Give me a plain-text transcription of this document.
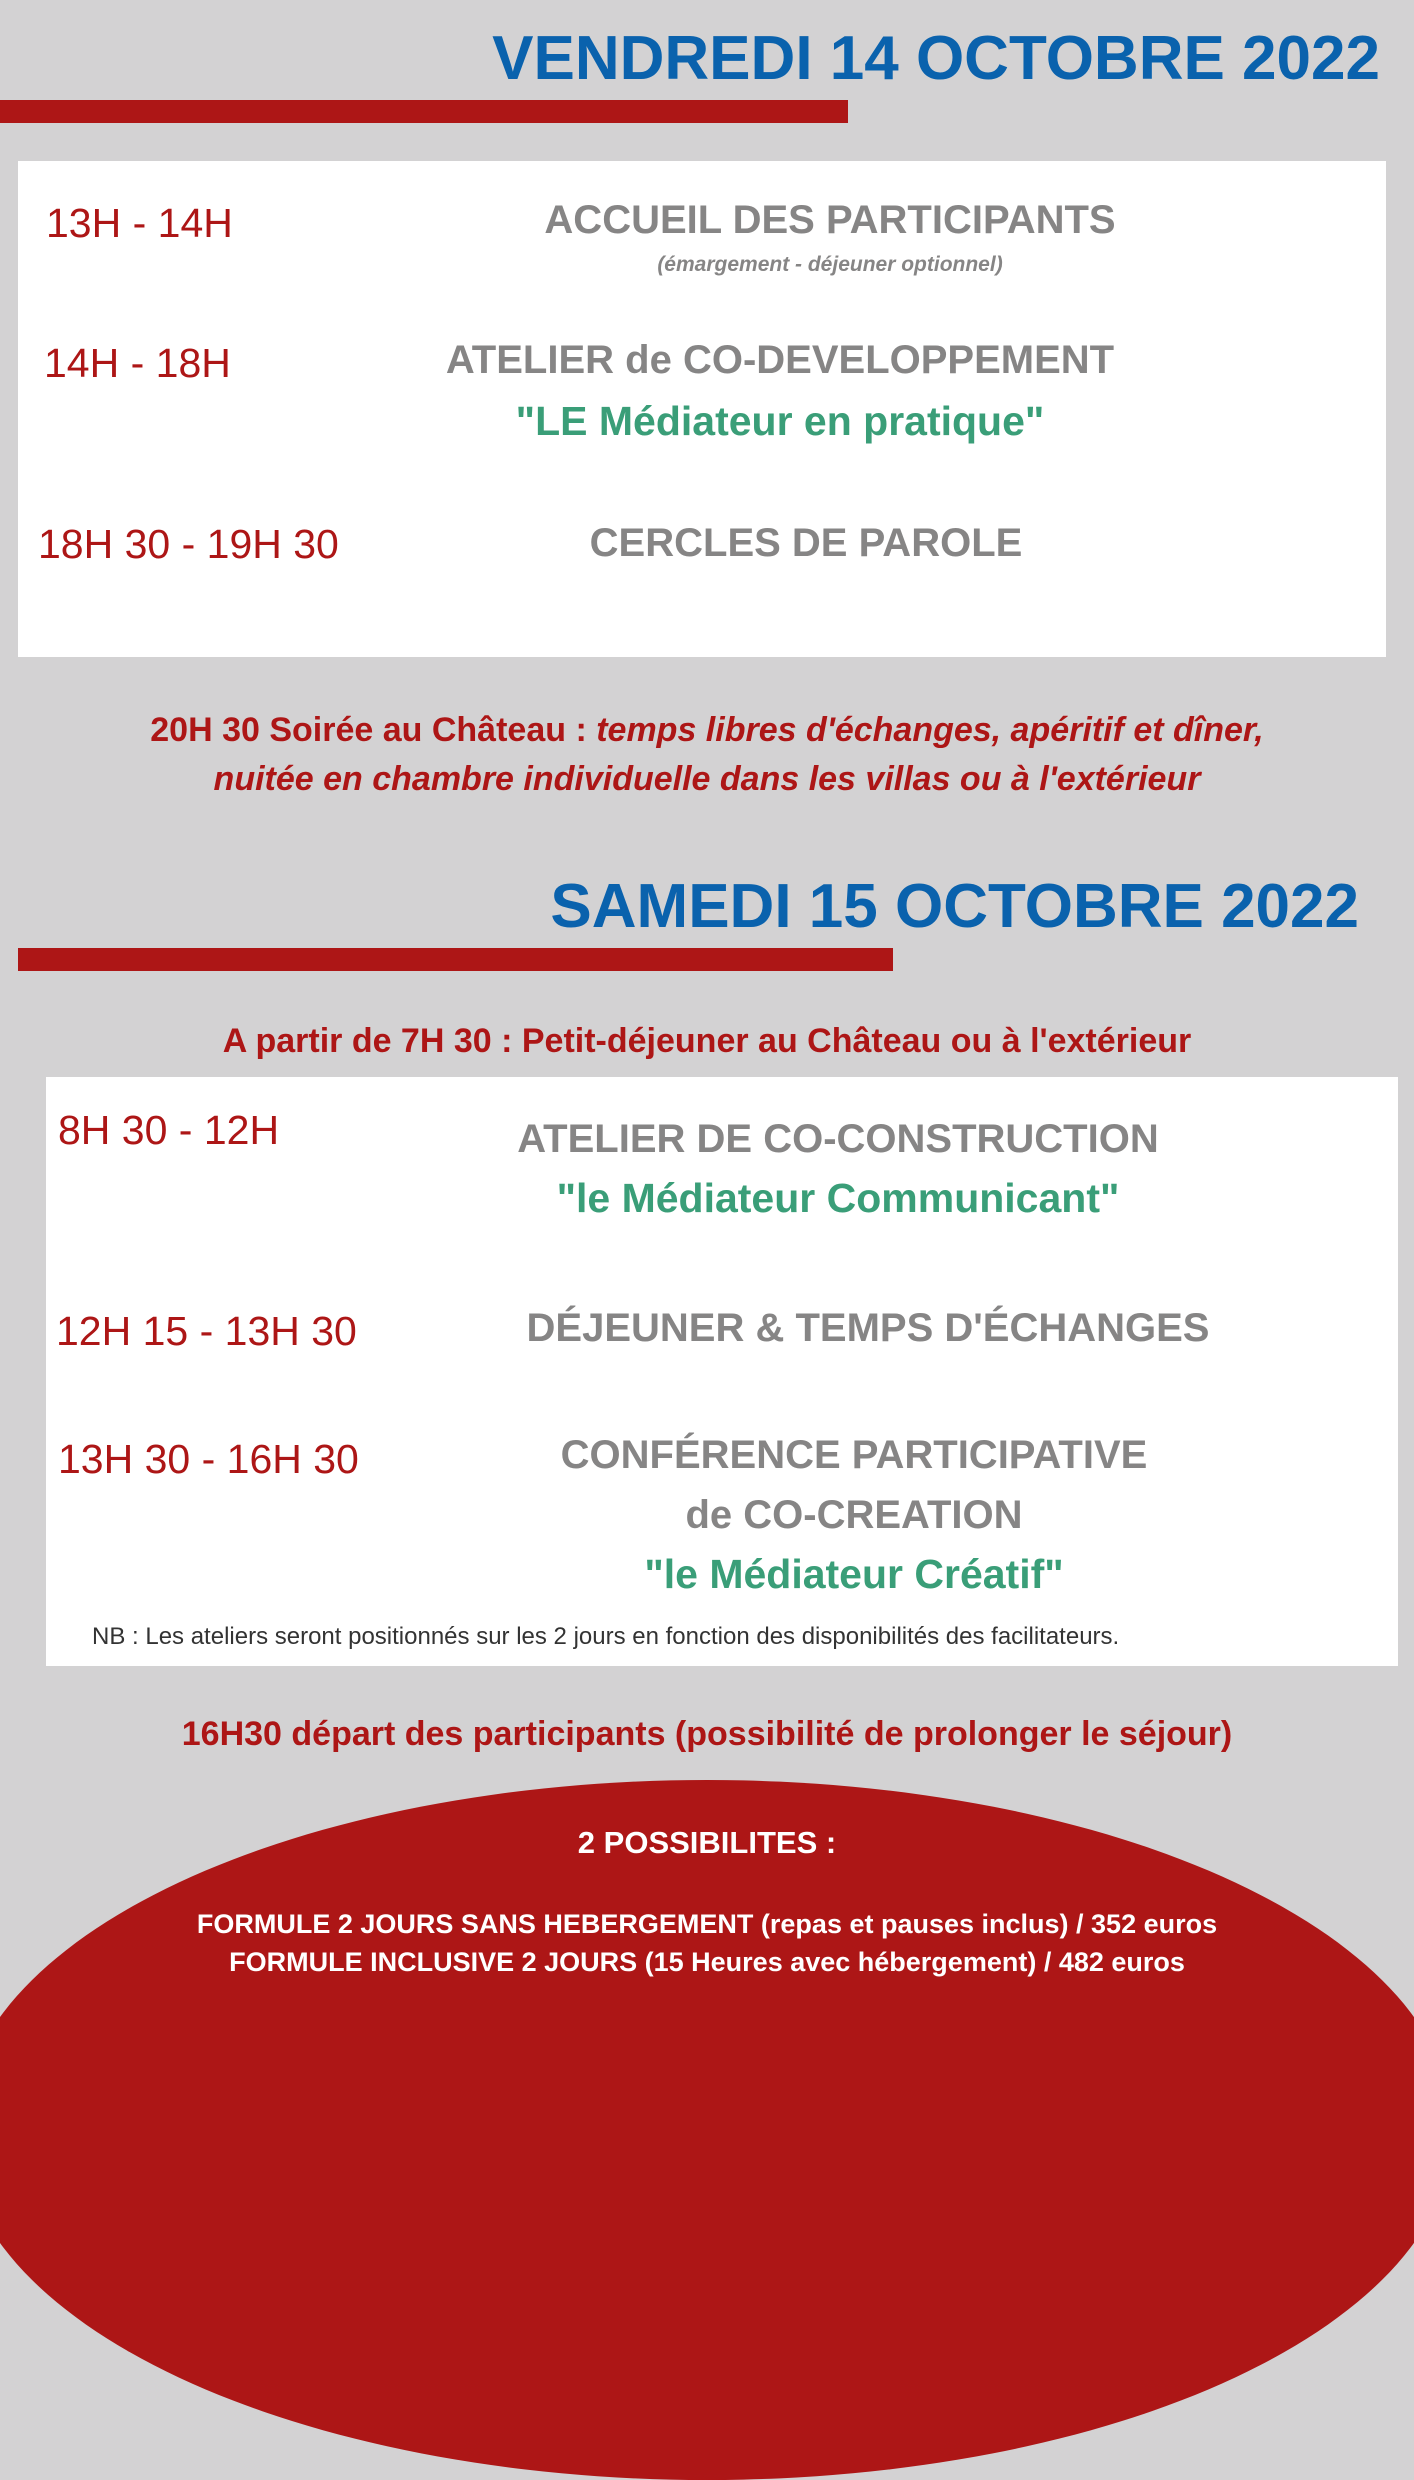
VENDREDI 14 OCTOBRE 2022
13H - 14H	ACCUEIL DES PARTICIPANTS
(émargement - déjeuner optionnel)
14H - 18H	ATELIER de CO-DEVELOPPEMENT
"LE Médiateur en pratique"
18H 30 - 19H 30	CERCLES DE PAROLE
20H 30 Soirée au Château : temps libres d'échanges, apéritif et dîner,
nuitée en chambre individuelle dans les villas ou à l'extérieur
SAMEDI 15 OCTOBRE 2022
A partir de 7H 30 : Petit-déjeuner au Château ou à l'extérieur
8H 30 - 12H	ATELIER DE CO-CONSTRUCTION
"le Médiateur Communicant"
12H 15 - 13H 30	DÉJEUNER & TEMPS D'ÉCHANGES
13H 30 - 16H 30	CONFÉRENCE PARTICIPATIVE
de CO-CREATION
"le Médiateur Créatif"
NB : Les ateliers seront positionnés sur les 2 jours en fonction des disponibilités des facilitateurs.
16H30 départ des participants (possibilité de prolonger le séjour)
2 POSSIBILITES :
FORMULE 2 JOURS SANS HEBERGEMENT (repas et pauses inclus) / 352 euros
FORMULE INCLUSIVE 2 JOURS (15 Heures avec hébergement) / 482 euros
